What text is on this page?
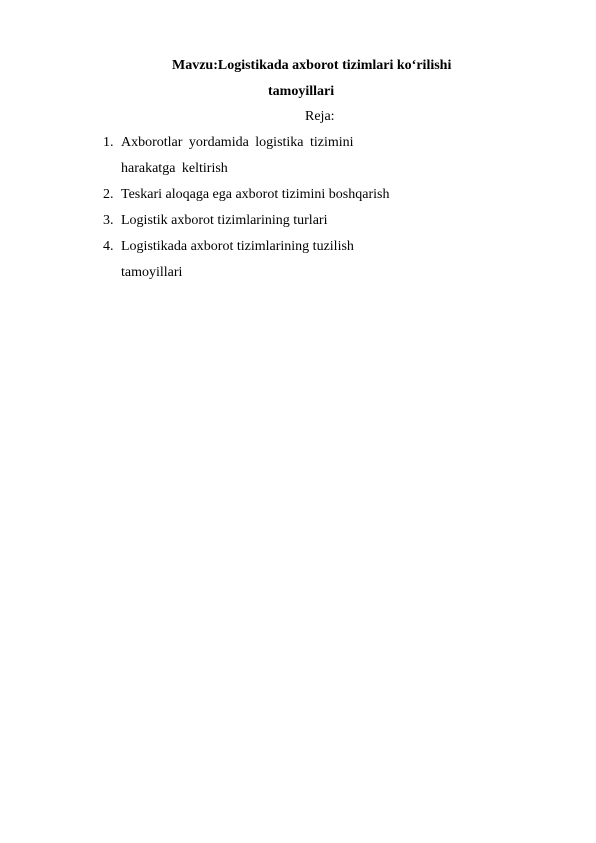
Mavzu:Logistikada axborot tizimlari ko‘rilishi
tamoyillari
Reja:
1. Axborotlar yordamida logistika tizimini
harakatga keltirish
2. Teskari aloqaga ega axborot tizimini boshqarish
3. Logistik axborot tizimlarining turlari
4. Logistikada axborot tizimlarining tuzilish
tamoyillari
